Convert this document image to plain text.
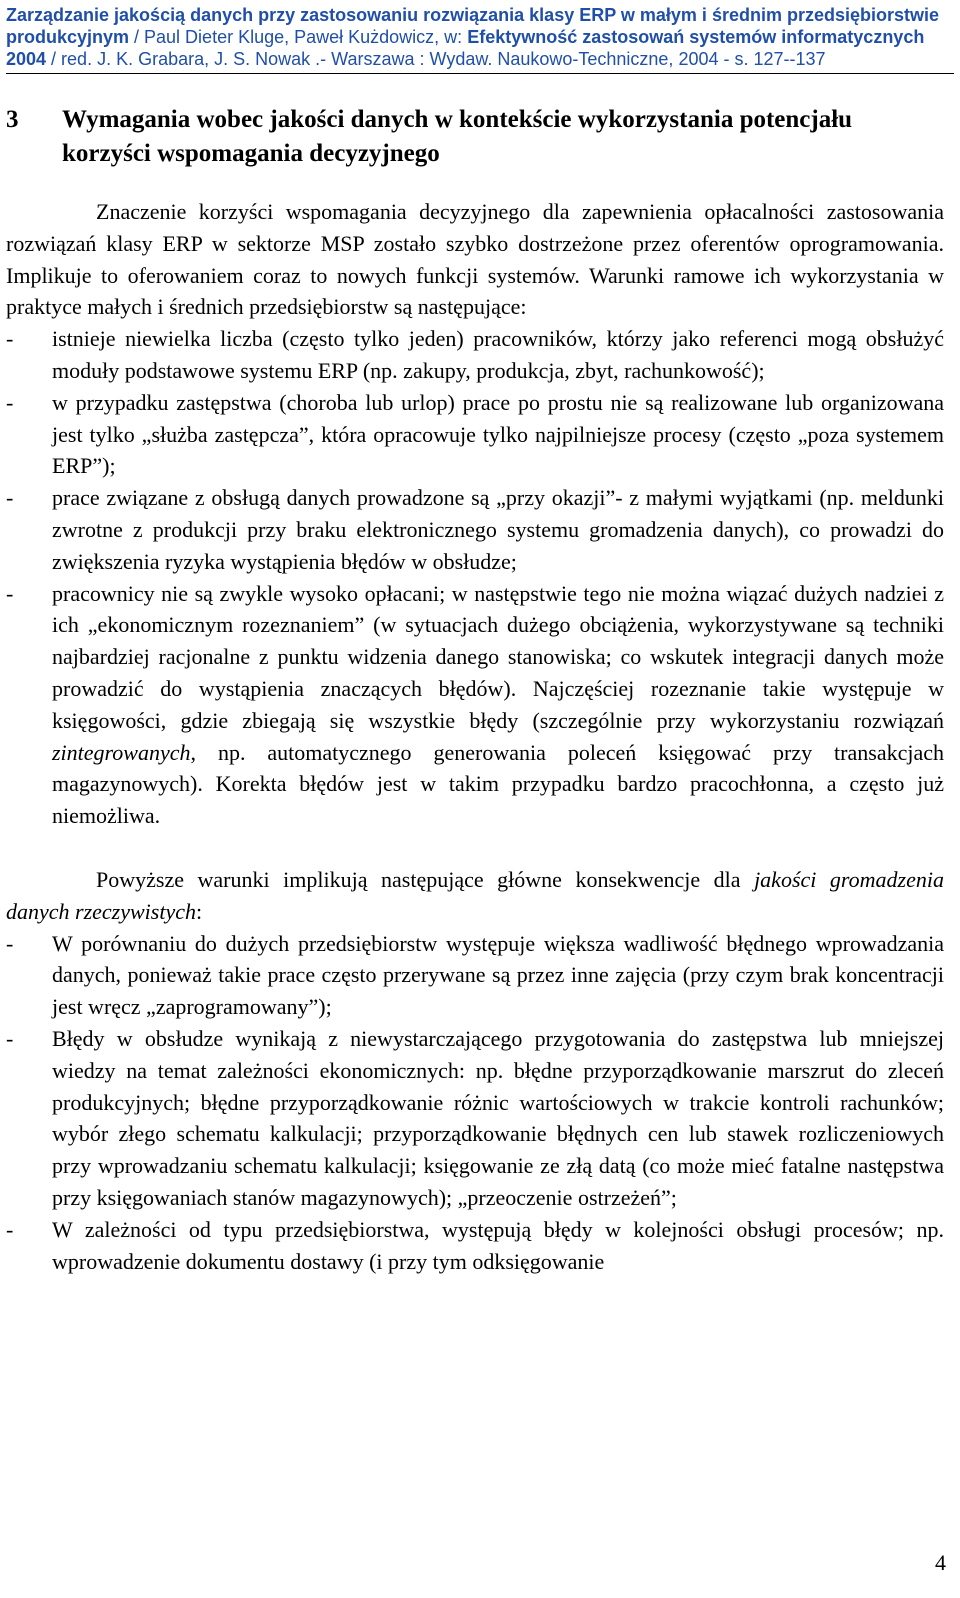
Zarządzanie jakością danych przy zastosowaniu rozwiązania klasy ERP w małym i średnim przedsiębiorstwie produkcyjnym / Paul Dieter Kluge, Paweł Kużdowicz, w: Efektywność zastosowań systemów informatycznych 2004 / red. J. K. Grabara, J. S. Nowak .- Warszawa : Wydaw. Naukowo-Techniczne, 2004 - s. 127--137
3	Wymagania wobec jakości danych w kontekście wykorzystania potencjału korzyści wspomagania decyzyjnego

Znaczenie korzyści wspomagania decyzyjnego dla zapewnienia opłacalności zastosowania rozwiązań klasy ERP w sektorze MSP zostało szybko dostrzeżone przez oferentów oprogramowania. Implikuje to oferowaniem coraz to nowych funkcji systemów. Warunki ramowe ich wykorzystania w praktyce małych i średnich przedsiębiorstw są następujące:

- istnieje niewielka liczba (często tylko jeden) pracowników, którzy jako referenci mogą obsłużyć moduły podstawowe systemu ERP (np. zakupy, produkcja, zbyt, rachunkowość);
- w przypadku zastępstwa (choroba lub urlop) prace po prostu nie są realizowane lub organizowana jest tylko „służba zastępcza”, która opracowuje tylko najpilniejsze procesy (często „poza systemem ERP”);
- prace związane z obsługą danych prowadzone są „przy okazji”- z małymi wyjątkami (np. meldunki zwrotne z produkcji przy braku elektronicznego systemu gromadzenia danych), co prowadzi do zwiększenia ryzyka wystąpienia błędów w obsłudze;
- pracownicy nie są zwykle wysoko opłacani; w następstwie tego nie można wiązać dużych nadziei z ich „ekonomicznym rozeznaniem” (w sytuacjach dużego obciążenia, wykorzystywane są techniki najbardziej racjonalne z punktu widzenia danego stanowiska; co wskutek integracji danych może prowadzić do wystąpienia znaczących błędów). Najczęściej rozeznanie takie występuje w księgowości, gdzie zbiegają się wszystkie błędy (szczególnie przy wykorzystaniu rozwiązań zintegrowanych, np. automatycznego generowania poleceń księgować przy transakcjach magazynowych). Korekta błędów jest w takim przypadku bardzo pracochłonna, a często już niemożliwa.

Powyższe warunki implikują następujące główne konsekwencje dla jakości gromadzenia danych rzeczywistych:

- W porównaniu do dużych przedsiębiorstw występuje większa wadliwość błędnego wprowadzania danych, ponieważ takie prace często przerywane są przez inne zajęcia (przy czym brak koncentracji jest wręcz „zaprogramowany”);
- Błędy w obsłudze wynikają z niewystarczającego przygotowania do zastępstwa lub mniejszej wiedzy na temat zależności ekonomicznych: np. błędne przyporządkowanie marszrut do zleceń produkcyjnych; błędne przyporządkowanie różnic wartościowych w trakcie kontroli rachunków; wybór złego schematu kalkulacji; przyporządkowanie błędnych cen lub stawek rozliczeniowych przy wprowadzaniu schematu kalkulacji; księgowanie ze złą datą (co może mieć fatalne następstwa przy księgowaniach stanów magazynowych); „przeoczenie ostrzeżeń”;
- W zależności od typu przedsiębiorstwa, występują błędy w kolejności obsługi procesów; np. wprowadzenie dokumentu dostawy (i przy tym odksięgowanie
4
